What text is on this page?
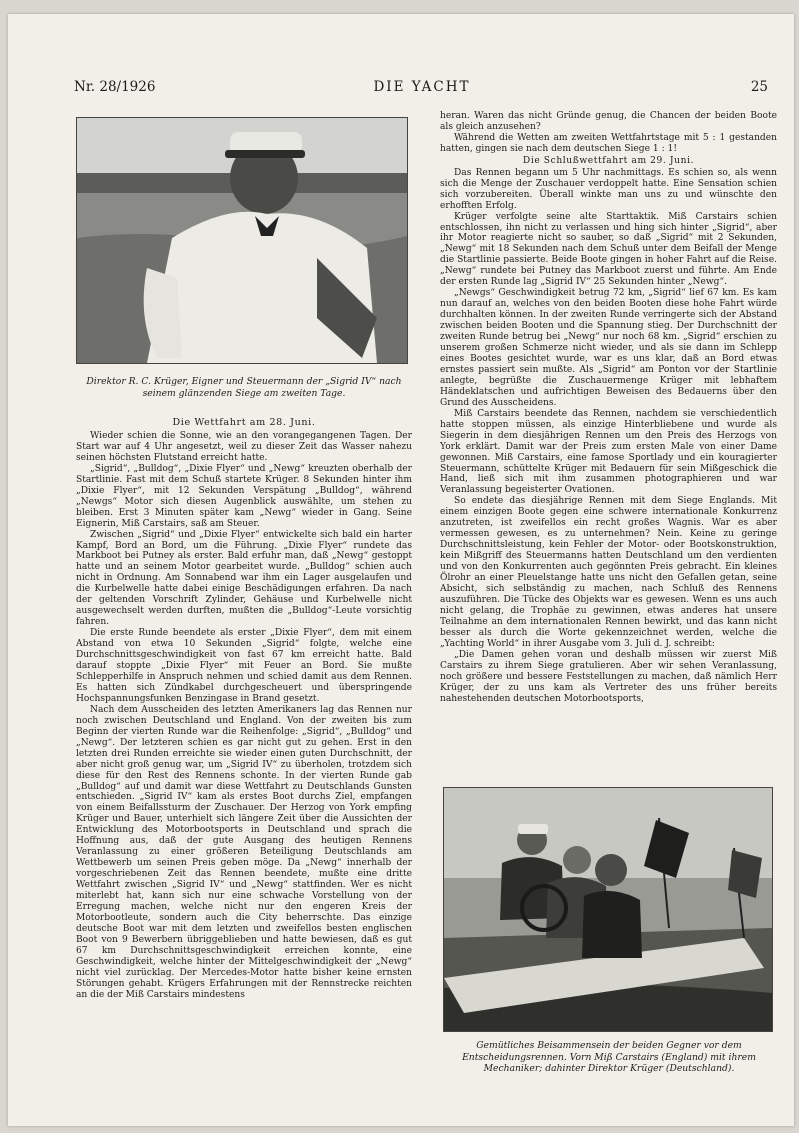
Nr. 28/1926	DIE YACHT	25
Direktor R. C. Krüger, Eigner und Steuermann der „Sigrid IV“ nach seinem glänzenden Siege am zweiten Tage.
Die Wettfahrt am 28. Juni.

Wieder schien die Sonne, wie an den vorangegangenen Tagen. Der Start war auf 4 Uhr angesetzt, weil zu dieser Zeit das Wasser nahezu seinen höchsten Flutstand erreicht hatte.

„Sigrid“, „Bulldog“, „Dixie Flyer“ und „Newg“ kreuzten oberhalb der Startlinie. Fast mit dem Schuß startete Krüger. 8 Sekunden hinter ihm „Dixie Flyer“, mit 12 Sekunden Verspätung „Bulldog“, während „Newgs“ Motor sich diesen Augenblick auswählte, um stehen zu bleiben. Erst 3 Minuten später kam „Newg“ wieder in Gang. Seine Eignerin, Miß Carstairs, saß am Steuer.

Zwischen „Sigrid“ und „Dixie Flyer“ entwickelte sich bald ein harter Kampf, Bord an Bord, um die Führung. „Dixie Flyer“ rundete das Markboot bei Putney als erster. Bald erfuhr man, daß „Newg“ gestoppt hatte und an seinem Motor gearbeitet wurde. „Bulldog“ schien auch nicht in Ordnung. Am Sonnabend war ihm ein Lager ausgelaufen und die Kurbelwelle hatte dabei einige Beschädigungen erfahren. Da nach der geltenden Vorschrift Zylinder, Gehäuse und Kurbelwelle nicht ausgewechselt werden durften, mußten die „Bulldog“-Leute vorsichtig fahren.

Die erste Runde beendete als erster „Dixie Flyer“, dem mit einem Abstand von etwa 10 Sekunden „Sigrid“ folgte, welche eine Durchschnittsgeschwindigkeit von fast 67 km erreicht hatte. Bald darauf stoppte „Dixie Flyer“ mit Feuer an Bord. Sie mußte Schlepperhilfe in Anspruch nehmen und schied damit aus dem Rennen. Es hatten sich Zündkabel durchgescheuert und überspringende Hochspannungsfunken Benzingase in Brand gesetzt.

Nach dem Ausscheiden des letzten Amerikaners lag das Rennen nur noch zwischen Deutschland und England. Von der zweiten bis zum Beginn der vierten Runde war die Reihenfolge: „Sigrid“, „Bulldog“ und „Newg“. Der letzteren schien es gar nicht gut zu gehen. Erst in den letzten drei Runden erreichte sie wieder einen guten Durchschnitt, der aber nicht groß genug war, um „Sigrid IV“ zu überholen, trotzdem sich diese für den Rest des Rennens schonte. In der vierten Runde gab „Bulldog“ auf und damit war diese Wettfahrt zu Deutschlands Gunsten entschieden. „Sigrid IV“ kam als erstes Boot durchs Ziel, empfangen von einem Beifallssturm der Zuschauer. Der Herzog von York empfing Krüger und Bauer, unterhielt sich längere Zeit über die Aussichten der Entwicklung des Motorbootsports in Deutschland und sprach die Hoffnung aus, daß der gute Ausgang des heutigen Rennens Veranlassung zu einer größeren Beteiligung Deutschlands am Wettbewerb um seinen Preis geben möge. Da „Newg“ innerhalb der vorgeschriebenen Zeit das Rennen beendete, mußte eine dritte Wettfahrt zwischen „Sigrid IV“ und „Newg“ stattfinden. Wer es nicht miterlebt hat, kann sich nur eine schwache Vorstellung von der Erregung machen, welche nicht nur den engeren Kreis der Motorbootleute, sondern auch die City beherrschte. Das einzige deutsche Boot war mit dem letzten und zweifellos besten englischen Boot von 9 Bewerbern übriggeblieben und hatte bewiesen, daß es gut 67 km Durchschnittsgeschwindigkeit erreichen konnte, eine Geschwindigkeit, welche hinter der Mittelgeschwindigkeit der „Newg“ nicht viel zurücklag. Der Mercedes-Motor hatte bisher keine ernsten Störungen gehabt. Krügers Erfahrungen mit der Rennstrecke reichten an die der Miß Carstairs mindestens

heran. Waren das nicht Gründe genug, die Chancen der beiden Boote als gleich anzusehen?

Während die Wetten am zweiten Wettfahrtstage mit 5 : 1 gestanden hatten, gingen sie nach dem deutschen Siege 1 : 1!

Die Schlußwettfahrt am 29. Juni.

Das Rennen begann um 5 Uhr nachmittags. Es schien so, als wenn sich die Menge der Zuschauer verdoppelt hatte. Eine Sensation schien sich vorzubereiten. Überall winkte man uns zu und wünschte den erhofften Erfolg.

Krüger verfolgte seine alte Starttaktik. Miß Carstairs schien entschlossen, ihn nicht zu verlassen und hing sich hinter „Sigrid“, aber ihr Motor reagierte nicht so sauber, so daß „Sigrid“ mit 2 Sekunden, „Newg“ mit 18 Sekunden nach dem Schuß unter dem Beifall der Menge die Startlinie passierte. Beide Boote gingen in hoher Fahrt auf die Reise. „Newg“ rundete bei Putney das Markboot zuerst und führte. Am Ende der ersten Runde lag „Sigrid IV“ 25 Sekunden hinter „Newg“.

„Newgs“ Geschwindigkeit betrug 72 km, „Sigrid“ lief 67 km. Es kam nun darauf an, welches von den beiden Booten diese hohe Fahrt würde durchhalten können. In der zweiten Runde verringerte sich der Abstand zwischen beiden Booten und die Spannung stieg. Der Durchschnitt der zweiten Runde betrug bei „Newg“ nur noch 68 km. „Sigrid“ erschien zu unserem großen Schmerze nicht wieder, und als sie dann im Schlepp eines Bootes gesichtet wurde, war es uns klar, daß an Bord etwas ernstes passiert sein mußte. Als „Sigrid“ am Ponton vor der Startlinie anlegte, begrüßte die Zuschauermenge Krüger mit lebhaftem Händeklatschen und aufrichtigen Beweisen des Bedauerns über den Grund des Ausscheidens.

Miß Carstairs beendete das Rennen, nachdem sie verschiedentlich hatte stoppen müssen, als einzige Hinterbliebene und wurde als Siegerin in dem diesjährigen Rennen um den Preis des Herzogs von York erklärt. Damit war der Preis zum ersten Male von einer Dame gewonnen. Miß Carstairs, eine famose Sportlady und ein kouragierter Steuermann, schüttelte Krüger mit Bedauern für sein Mißgeschick die Hand, ließ sich mit ihm zusammen photographieren und war Veranlassung begeisterter Ovationen.

So endete das diesjährige Rennen mit dem Siege Englands. Mit einem einzigen Boote gegen eine schwere internationale Konkurrenz anzutreten, ist zweifellos ein recht großes Wagnis. War es aber vermessen gewesen, es zu unternehmen? Nein. Keine zu geringe Durchschnittsleistung, kein Fehler der Motor- oder Bootskonstruktion, kein Mißgriff des Steuermanns hatten Deutschland um den verdienten und von den Konkurrenten auch gegönnten Preis gebracht. Ein kleines Ölrohr an einer Pleuelstange hatte uns nicht den Gefallen getan, seine Absicht, sich selbständig zu machen, nach Schluß des Rennens auszuführen. Die Tücke des Objekts war es gewesen. Wenn es uns auch nicht gelang, die Trophäe zu gewinnen, etwas anderes hat unsere Teilnahme an dem internationalen Rennen bewirkt, und das kann nicht besser als durch die Worte gekennzeichnet werden, welche die „Yachting World“ in ihrer Ausgabe vom 3. Juli d. J. schreibt:

„Die Damen gehen voran und deshalb müssen wir zuerst Miß Carstairs zu ihrem Siege gratulieren. Aber wir sehen Veranlassung, noch größere und bessere Feststellungen zu machen, daß nämlich Herr Krüger, der zu uns kam als Vertreter des uns früher bereits nahestehenden deutschen Motorbootsports,

Gemütliches Beisammensein der beiden Gegner vor dem Entscheidungsrennen. Vorn Miß Carstairs (England) mit ihrem Mechaniker; dahinter Direktor Krüger (Deutschland).
